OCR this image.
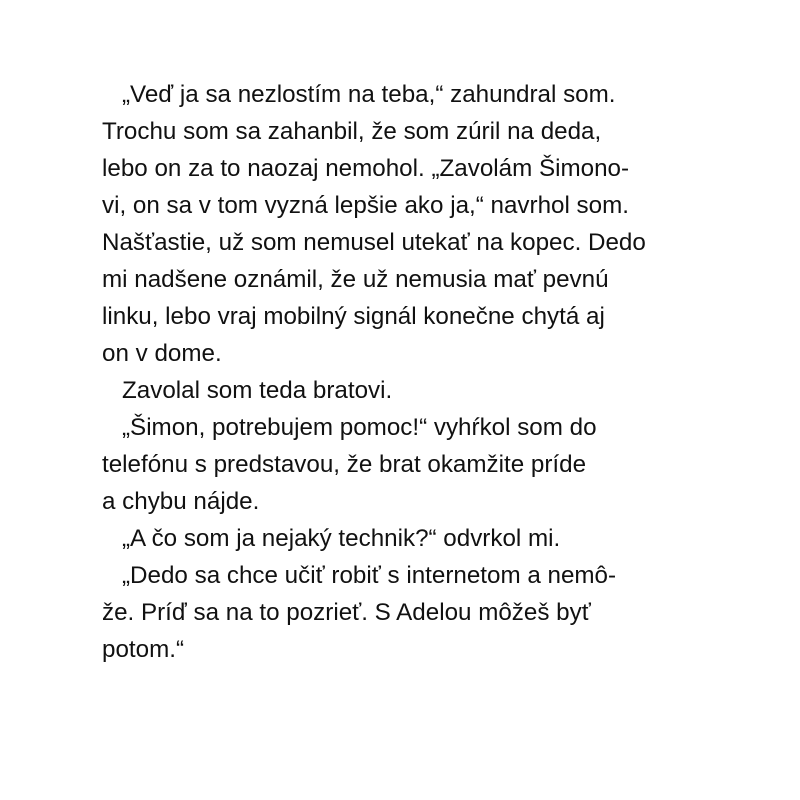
„Veď ja sa nezlostím na teba,“ zahundral som.
Trochu som sa zahanbil, že som zúril na deda,
lebo on za to naozaj nemohol. „Zavolám Šimono-
vi, on sa v tom vyzná lepšie ako ja,“ navrhol som.
Našťastie, už som nemusel utekať na kopec. Dedo
mi nadšene oznámil, že už nemusia mať pevnú
linku, lebo vraj mobilný signál konečne chytá aj
on v dome.
Zavolal som teda bratovi.
„Šimon, potrebujem pomoc!“ vyhŕkol som do
telefónu s predstavou, že brat okamžite príde
a chybu nájde.
„A čo som ja nejaký technik?“ odvrkol mi.
„Dedo sa chce učiť robiť s internetom a nemô-
že. Príď sa na to pozrieť. S Adelou môžeš byť
potom.“
